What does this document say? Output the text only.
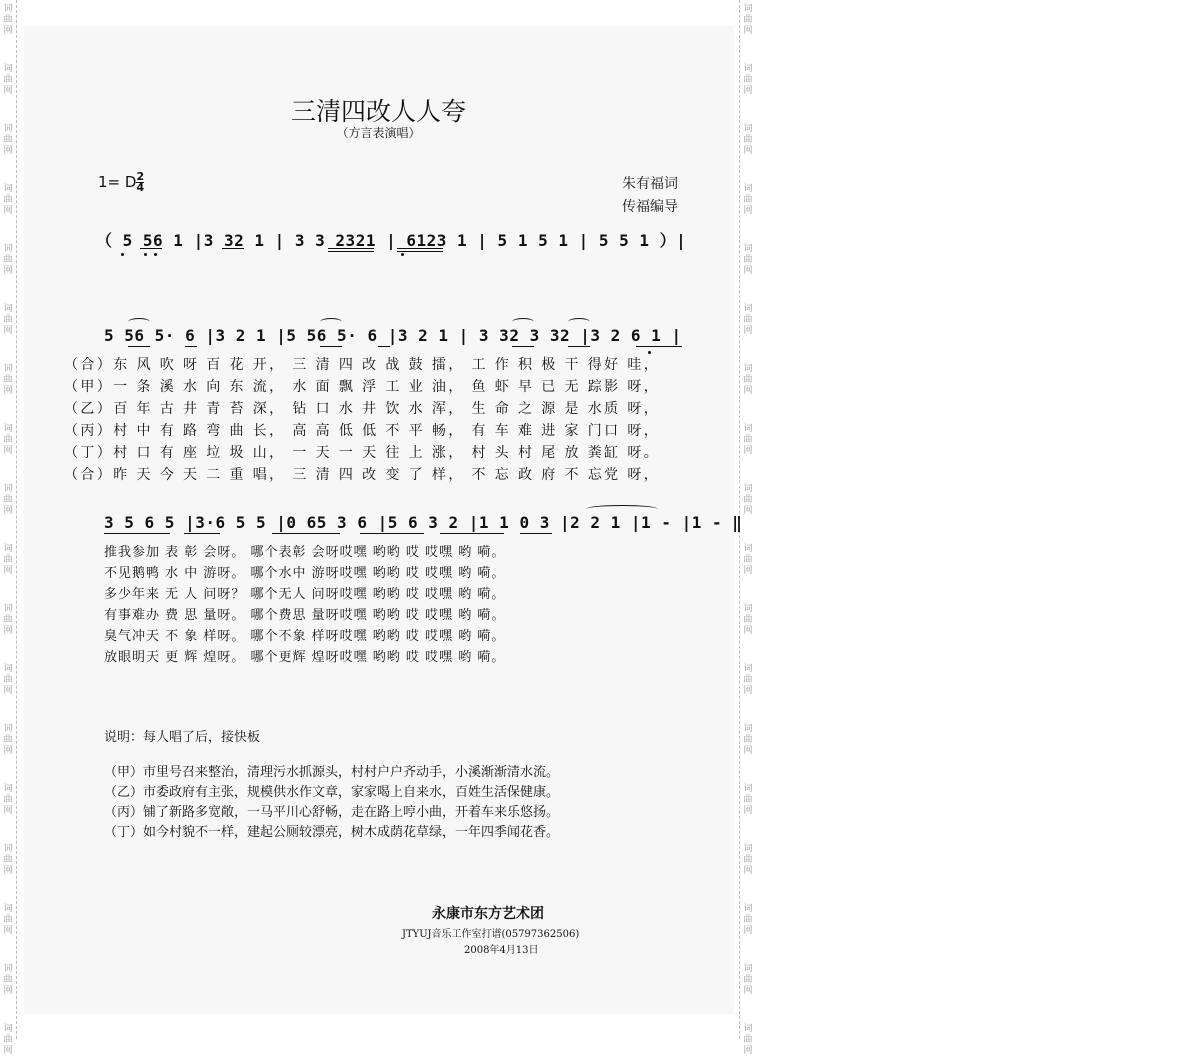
词
曲
网
词
曲
网
词
曲
网
词
曲
网
词
曲
网
词
曲
网
词
曲
网
词
曲
网
词
曲
网
词
曲
网
词
曲
网
词
曲
网
词
曲
网
词
曲
网
词
曲
网
词
曲
网
词
曲
网
词
曲
网
词
曲
网
词
曲
网
词
曲
网
词
曲
网
词
曲
网
词
曲
网
词
曲
网
词
曲
网
词
曲
网
词
曲
网
词
曲
网
词
曲
网
词
曲
网
词
曲
网
词
曲
网
词
曲
网
词
曲
网
词
曲
网
三清四改人人夸
（方言表演唱）
1= D $\frac{2}{4}$	朱有福词
传福编导
（ 5 56 1 |3 32 1 | 3 3 2321 | 6123 1 | 5 1 5 1 | 5 5 1 ）|
5 56 5· 6 |3 2 1 |5 56 5· 6 |3 2 1 | 3 32 3 32 |3 2 6 1 |
（合）东 风 吹 呀 百 花 开， 三 清 四 改 战 鼓 擂， 工 作 积 极 干 得好 哇，
（甲）一 条 溪 水 向 东 流， 水 面 飘 浮 工 业 油， 鱼 虾 早 已 无 踪影 呀，
（乙）百 年 古 井 青 苔 深， 钻 口 水 井 饮 水 浑， 生 命 之 源 是 水质 呀，
（丙）村 中 有 路 弯 曲 长， 高 高 低 低 不 平 畅， 有 车 难 进 家 门口 呀，
（丁）村 口 有 座 垃 圾 山， 一 天 一 天 往 上 涨， 村 头 村 尾 放 粪缸 呀。
（合）昨 天 今 天 二 重 唱， 三 清 四 改 变 了 样， 不 忘 政 府 不 忘党 呀，
3 5 6 5 |3·6 5 5 |0 65 3 6 |5 6 3 2 |1 1 0 3 |2 2 1 |1 - |1 - ‖
推我参加 表 彰 会呀。 哪个表彰 会呀哎嘿 哟哟 哎 哎嘿 哟 嗬。
不见鹅鸭 水 中 游呀。 哪个水中 游呀哎嘿 哟哟 哎 哎嘿 哟 嗬。
多少年来 无 人 问呀？ 哪个无人 问呀哎嘿 哟哟 哎 哎嘿 哟 嗬。
有事难办 费 思 量呀。 哪个费思 量呀哎嘿 哟哟 哎 哎嘿 哟 嗬。
臭气冲天 不 象 样呀。 哪个不象 样呀哎嘿 哟哟 哎 哎嘿 哟 嗬。
放眼明天 更 辉 煌呀。 哪个更辉 煌呀哎嘿 哟哟 哎 哎嘿 哟 嗬。
说明：每人唱了后，接快板
（甲）市里号召来整治，清理污水抓源头，村村户户齐动手，小溪渐渐清水流。
（乙）市委政府有主张，规模供水作文章，家家喝上自来水，百姓生活保健康。
（丙）铺了新路多宽敞，一马平川心舒畅，走在路上哼小曲，开着车来乐悠扬。
（丁）如今村貌不一样，建起公厕较漂亮，树木成荫花草绿，一年四季闻花香。
永康市东方艺术团
JTYUJ音乐工作室打谱(05797362506)
2008年4月13日
